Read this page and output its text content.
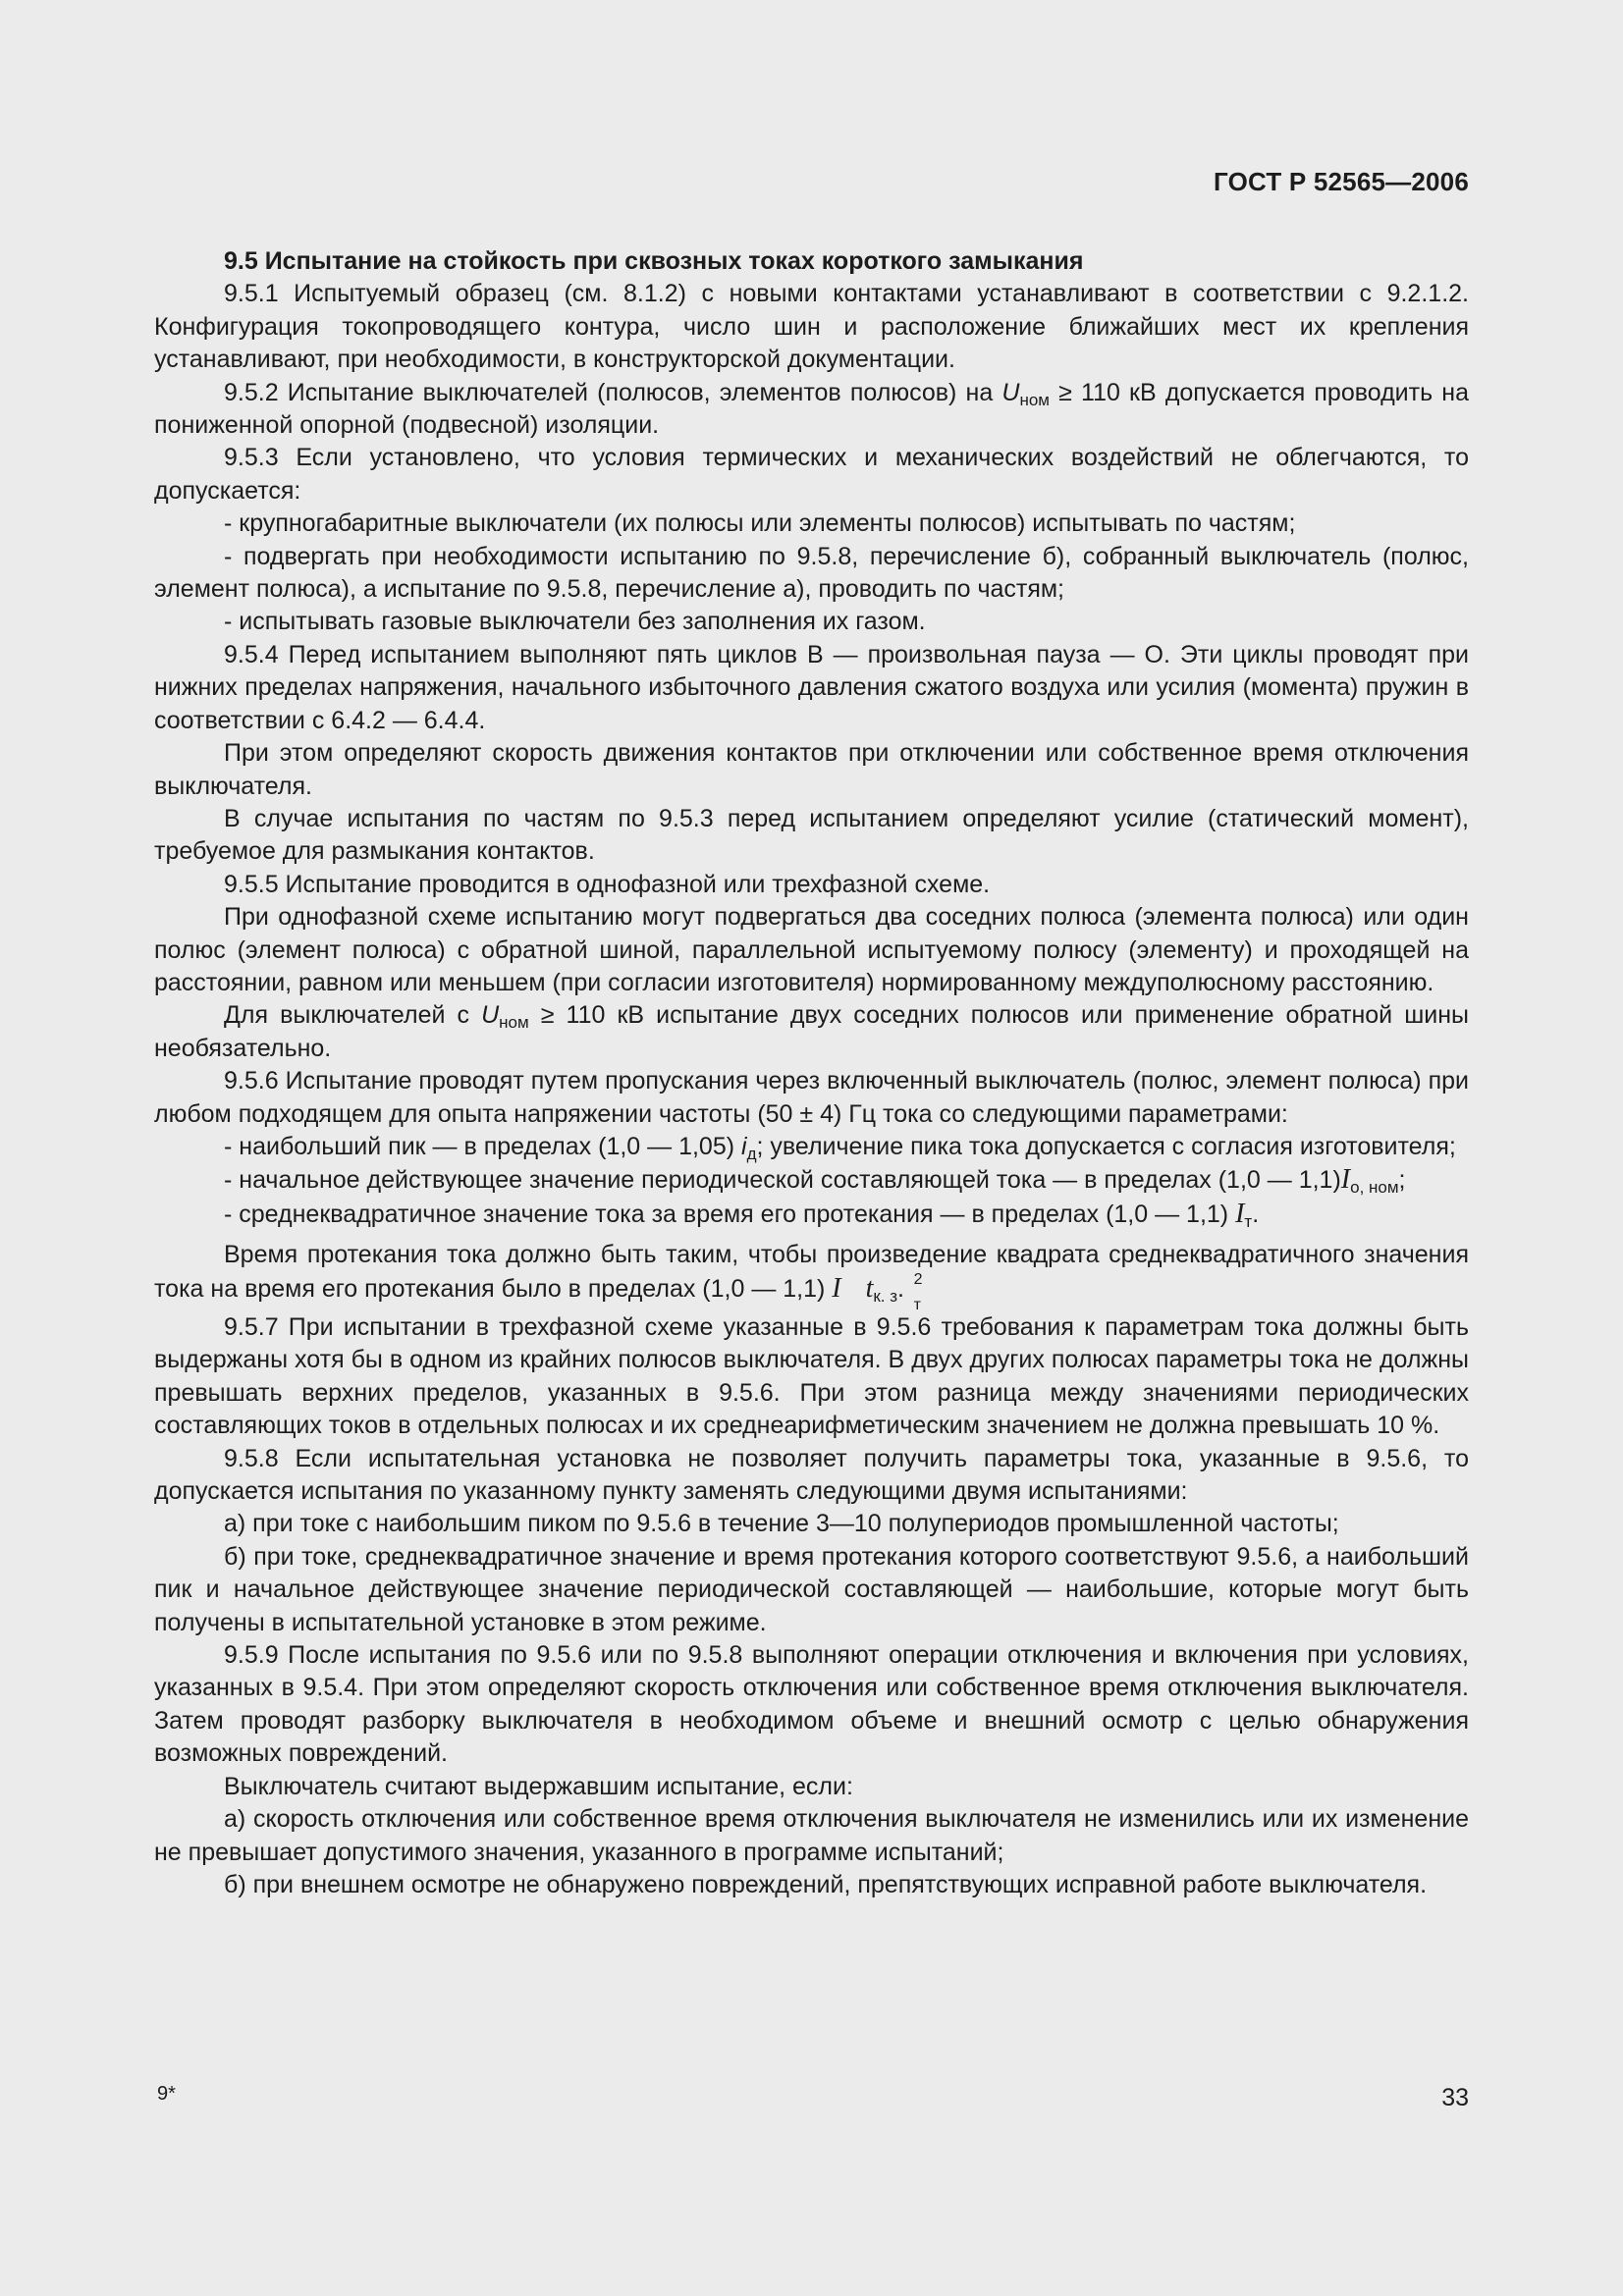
ГОСТ Р 52565—2006

9.5 Испытание на стойкость при сквозных токах короткого замыкания

9.5.1 Испытуемый образец (см. 8.1.2) с новыми контактами устанавливают в соответствии с 9.2.1.2. Конфигурация токопроводящего контура, число шин и расположение ближайших мест их крепления устанавливают, при необходимости, в конструкторской документации.

9.5.2 Испытание выключателей (полюсов, элементов полюсов) на $U_{ном} \ge 110$ кВ допускается проводить на пониженной опорной (подвесной) изоляции.

9.5.3 Если установлено, что условия термических и механических воздействий не облегчаются, то допускается:

- крупногабаритные выключатели (их полюсы или элементы полюсов) испытывать по частям;

- подвергать при необходимости испытанию по 9.5.8, перечисление б), собранный выключатель (полюс, элемент полюса), а испытание по 9.5.8, перечисление а), проводить по частям;

- испытывать газовые выключатели без заполнения их газом.

9.5.4 Перед испытанием выполняют пять циклов В — произвольная пауза — О. Эти циклы проводят при нижних пределах напряжения, начального избыточного давления сжатого воздуха или усилия (момента) пружин в соответствии с 6.4.2 — 6.4.4.

При этом определяют скорость движения контактов при отключении или собственное время отключения выключателя.

В случае испытания по частям по 9.5.3 перед испытанием определяют усилие (статический момент), требуемое для размыкания контактов.

9.5.5 Испытание проводится в однофазной или трехфазной схеме.

При однофазной схеме испытанию могут подвергаться два соседних полюса (элемента полюса) или один полюс (элемент полюса) с обратной шиной, параллельной испытуемому полюсу (элементу) и проходящей на расстоянии, равном или меньшем (при согласии изготовителя) нормированному междуполюсному расстоянию.

Для выключателей с $U_{ном} \ge 110$ кВ испытание двух соседних полюсов или применение обратной шины необязательно.

9.5.6 Испытание проводят путем пропускания через включенный выключатель (полюс, элемент полюса) при любом подходящем для опыта напряжении частоты (50 ± 4) Гц тока со следующими параметрами:

- наибольший пик — в пределах (1,0 — 1,05) $i_д$; увеличение пика тока допускается с согласия изготовителя;

- начальное действующее значение периодической составляющей тока — в пределах (1,0 — $1,1)I_{о, ном}$;

- среднеквадратичное значение тока за время его протекания — в пределах (1,0 — 1,1) $I_т$.

Время протекания тока должно быть таким, чтобы произведение квадрата среднеквадратичного значения тока на время его протекания было в пределах (1,0 — 1,1) I	2
т
$t_{к. з}$.

9.5.7 При испытании в трехфазной схеме указанные в 9.5.6 требования к параметрам тока должны быть выдержаны хотя бы в одном из крайних полюсов выключателя. В двух других полюсах параметры тока не должны превышать верхних пределов, указанных в 9.5.6. При этом разница между значениями периодических составляющих токов в отдельных полюсах и их среднеарифметическим значением не должна превышать 10 %.

9.5.8 Если испытательная установка не позволяет получить параметры тока, указанные в 9.5.6, то допускается испытания по указанному пункту заменять следующими двумя испытаниями:

а) при токе с наибольшим пиком по 9.5.6 в течение 3—10 полупериодов промышленной частоты;

б) при токе, среднеквадратичное значение и время протекания которого соответствуют 9.5.6, а наибольший пик и начальное действующее значение периодической составляющей — наибольшие, которые могут быть получены в испытательной установке в этом режиме.

9.5.9 После испытания по 9.5.6 или по 9.5.8 выполняют операции отключения и включения при условиях, указанных в 9.5.4. При этом определяют скорость отключения или собственное время отключения выключателя. Затем проводят разборку выключателя в необходимом объеме и внешний осмотр с целью обнаружения возможных повреждений.

Выключатель считают выдержавшим испытание, если:

а) скорость отключения или собственное время отключения выключателя не изменились или их изменение не превышает допустимого значения, указанного в программе испытаний;

б) при внешнем осмотре не обнаружено повреждений, препятствующих исправной работе выключателя.

9*	33
